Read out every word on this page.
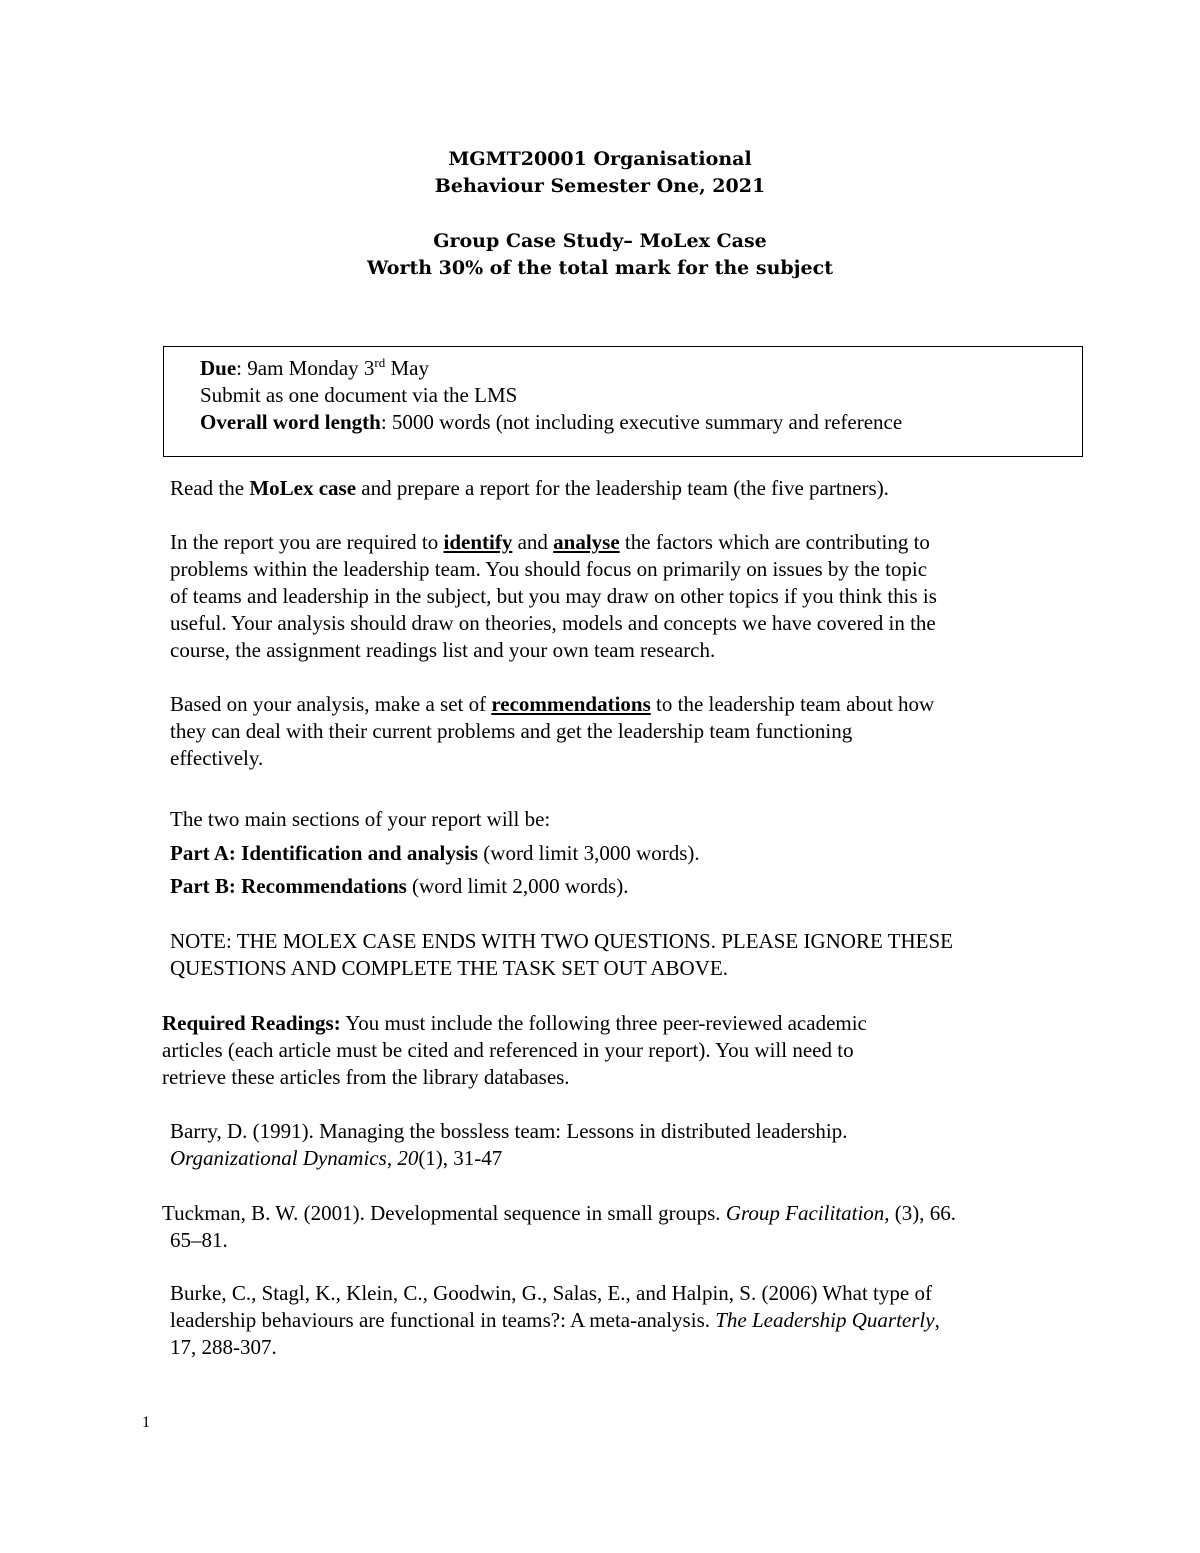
MGMT20001 Organisational
Behaviour Semester One, 2021
Group Case Study– MoLex Case
Worth 30% of the total mark for the subject
Due: 9am Monday 3rd May
Submit as one document via the LMS
Overall word length: 5000 words (not including executive summary and reference
Read the MoLex case and prepare a report for the leadership team (the five partners).
In the report you are required to identify and analyse the factors which are contributing to
problems within the leadership team. You should focus on primarily on issues by the topic
of teams and leadership in the subject, but you may draw on other topics if you think this is
useful. Your analysis should draw on theories, models and concepts we have covered in the
course, the assignment readings list and your own team research.
Based on your analysis, make a set of recommendations to the leadership team about how
they can deal with their current problems and get the leadership team functioning
effectively.
The two main sections of your report will be:
Part A: Identification and analysis (word limit 3,000 words).
Part B: Recommendations (word limit 2,000 words).
NOTE: THE MOLEX CASE ENDS WITH TWO QUESTIONS. PLEASE IGNORE THESE
QUESTIONS AND COMPLETE THE TASK SET OUT ABOVE.
Required Readings: You must include the following three peer-reviewed academic
articles (each article must be cited and referenced in your report). You will need to
retrieve these articles from the library databases.
Barry, D. (1991). Managing the bossless team: Lessons in distributed leadership.
Organizational Dynamics, 20(1), 31-47
Tuckman, B. W. (2001). Developmental sequence in small groups. Group Facilitation, (3), 66.
65–81.
Burke, C., Stagl, K., Klein, C., Goodwin, G., Salas, E., and Halpin, S. (2006) What type of
leadership behaviours are functional in teams?: A meta-analysis. The Leadership Quarterly,
17, 288-307.
1
